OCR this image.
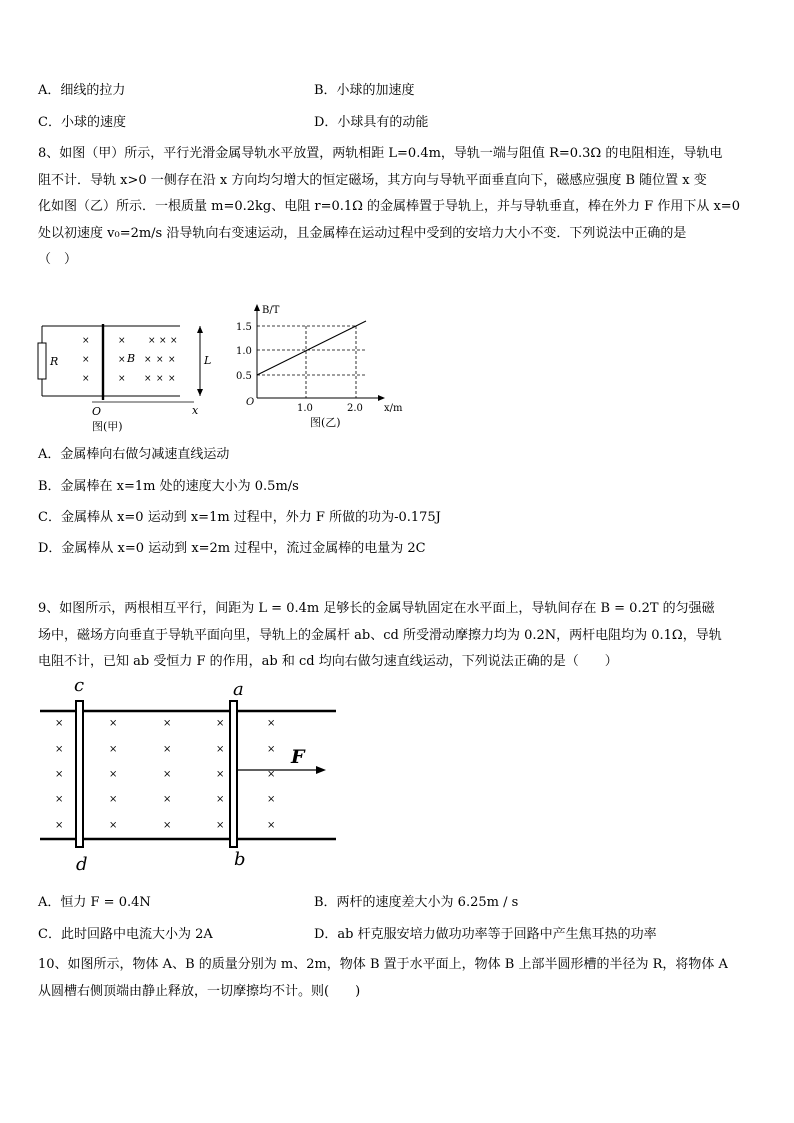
A．细线的拉力	B．小球的加速度
C．小球的速度	D．小球具有的动能
8、如图（甲）所示，平行光滑金属导轨水平放置，两轨相距 L=0.4m，导轨一端与阻值 R=0.3Ω 的电阻相连，导轨电
阻不计．导轨 x>0 一侧存在沿 x 方向均匀增大的恒定磁场，其方向与导轨平面垂直向下，磁感应强度 B 随位置 x 变
化如图（乙）所示．一根质量 m=0.2kg、电阻 r=0.1Ω 的金属棒置于导轨上，并与导轨垂直，棒在外力 F 作用下从 x=0
处以初速度 v₀=2m/s 沿导轨向右变速运动，且金属棒在运动过程中受到的安培力大小不变．下列说法中正确的是
（　）
R
×
×
×
× × × ×
× × × ×
× × × ×
B	L
O	x
图(甲)
B/T
x/m
O
1.5
1.0
0.5
1.0	2.0
图(乙)
A．金属棒向右做匀减速直线运动
B．金属棒在 x=1m 处的速度大小为 0.5m/s
C．金属棒从 x=0 运动到 x=1m 过程中，外力 F 所做的功为-0.175J
D．金属棒从 x=0 运动到 x=2m 过程中，流过金属棒的电量为 2C
9、如图所示，两根相互平行，间距为 L = 0.4m 足够长的金属导轨固定在水平面上，导轨间存在 B = 0.2T 的匀强磁
场中，磁场方向垂直于导轨平面向里，导轨上的金属杆 ab、cd 所受滑动摩擦力均为 0.2N，两杆电阻均为 0.1Ω，导轨
电阻不计，已知 ab 受恒力 F 的作用，ab 和 cd 均向右做匀速直线运动，下列说法正确的是（　　）
×	×	×	×	×
×	×	×	×	×
×	×	×	×	×
×	×	×	×	×
×	×	×	×	×
F
c
d
a
b
A．恒力 F = 0.4N	B．两杆的速度差大小为 6.25m / s
C．此时回路中电流大小为 2A	D．ab 杆克服安培力做功功率等于回路中产生焦耳热的功率
10、如图所示，物体 A、B 的质量分别为 m、2m，物体 B 置于水平面上，物体 B 上部半圆形槽的半径为 R，将物体 A
从圆槽右侧顶端由静止释放，一切摩擦均不计。则(　　)
